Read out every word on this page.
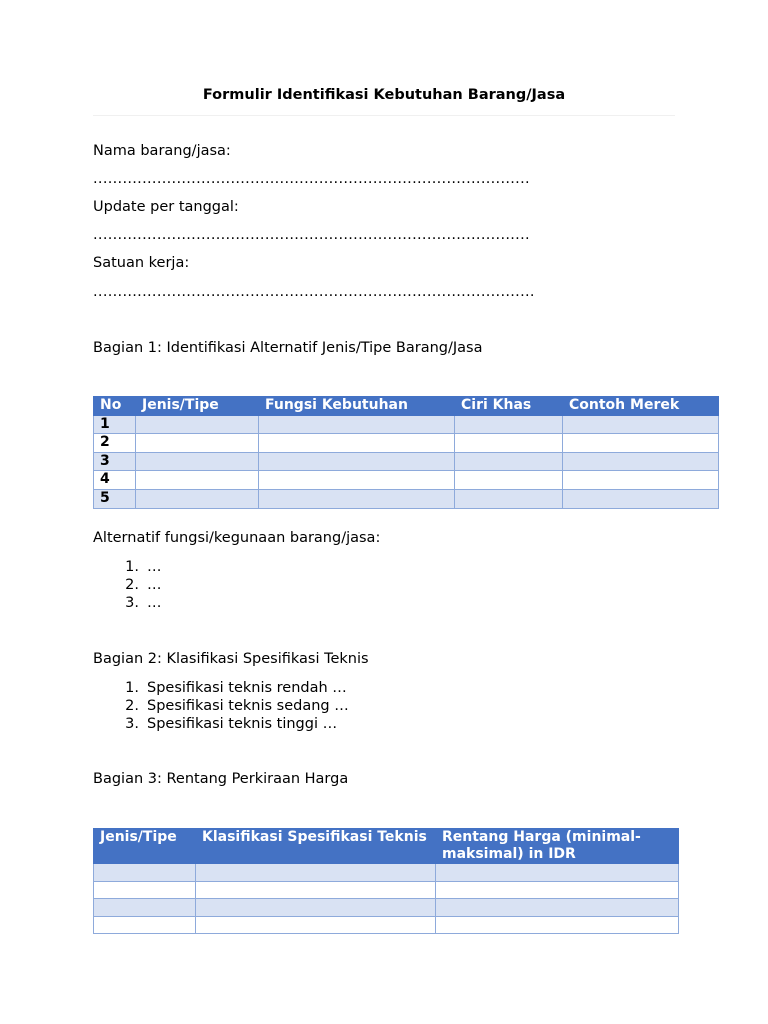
Formulir Identifikasi Kebutuhan Barang/Jasa
Nama barang/jasa:
.........................................................................................
Update per tanggal:
.........................................................................................
Satuan kerja:
..........................................................................................
Bagian 1: Identifikasi Alternatif Jenis/Tipe Barang/Jasa
No	Jenis/Tipe	Fungsi Kebutuhan	Ciri Khas	Contoh Merek
1				
2				
3				
4				
5				
Alternatif fungsi/kegunaan barang/jasa:
1. …
2. …
3. …
Bagian 2: Klasifikasi Spesifikasi Teknis
1. Spesifikasi teknis rendah …
2. Spesifikasi teknis sedang …
3. Spesifikasi teknis tinggi …
Bagian 3: Rentang Perkiraan Harga
Jenis/Tipe	Klasifikasi Spesifikasi Teknis	Rentang Harga (minimal-maksimal) in IDR
